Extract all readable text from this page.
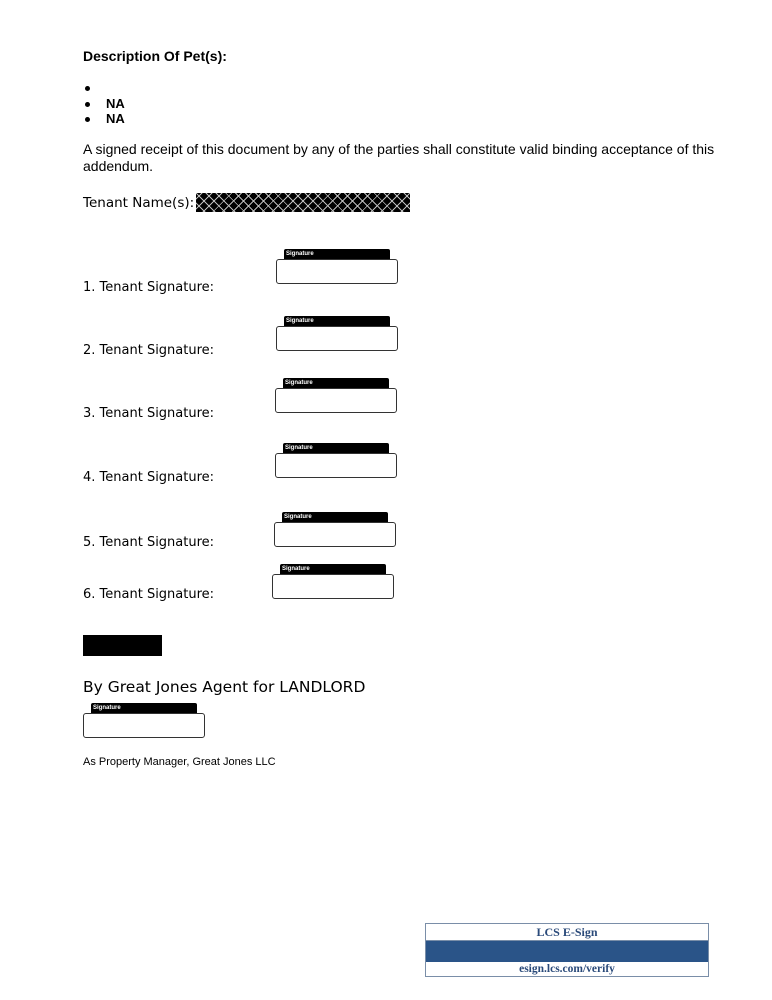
Description Of Pet(s):
NA
NA
A signed receipt of this document by any of the parties shall constitute valid binding acceptance of this addendum.
Tenant Name(s):
1. Tenant Signature:
Signature
2. Tenant Signature:
Signature
3. Tenant Signature:
Signature
4. Tenant Signature:
Signature
5. Tenant Signature:
Signature
6. Tenant Signature:
Signature
By Great Jones Agent for LANDLORD
Signature
As Property Manager, Great Jones LLC
LCS E-Sign
esign.lcs.com/verify
